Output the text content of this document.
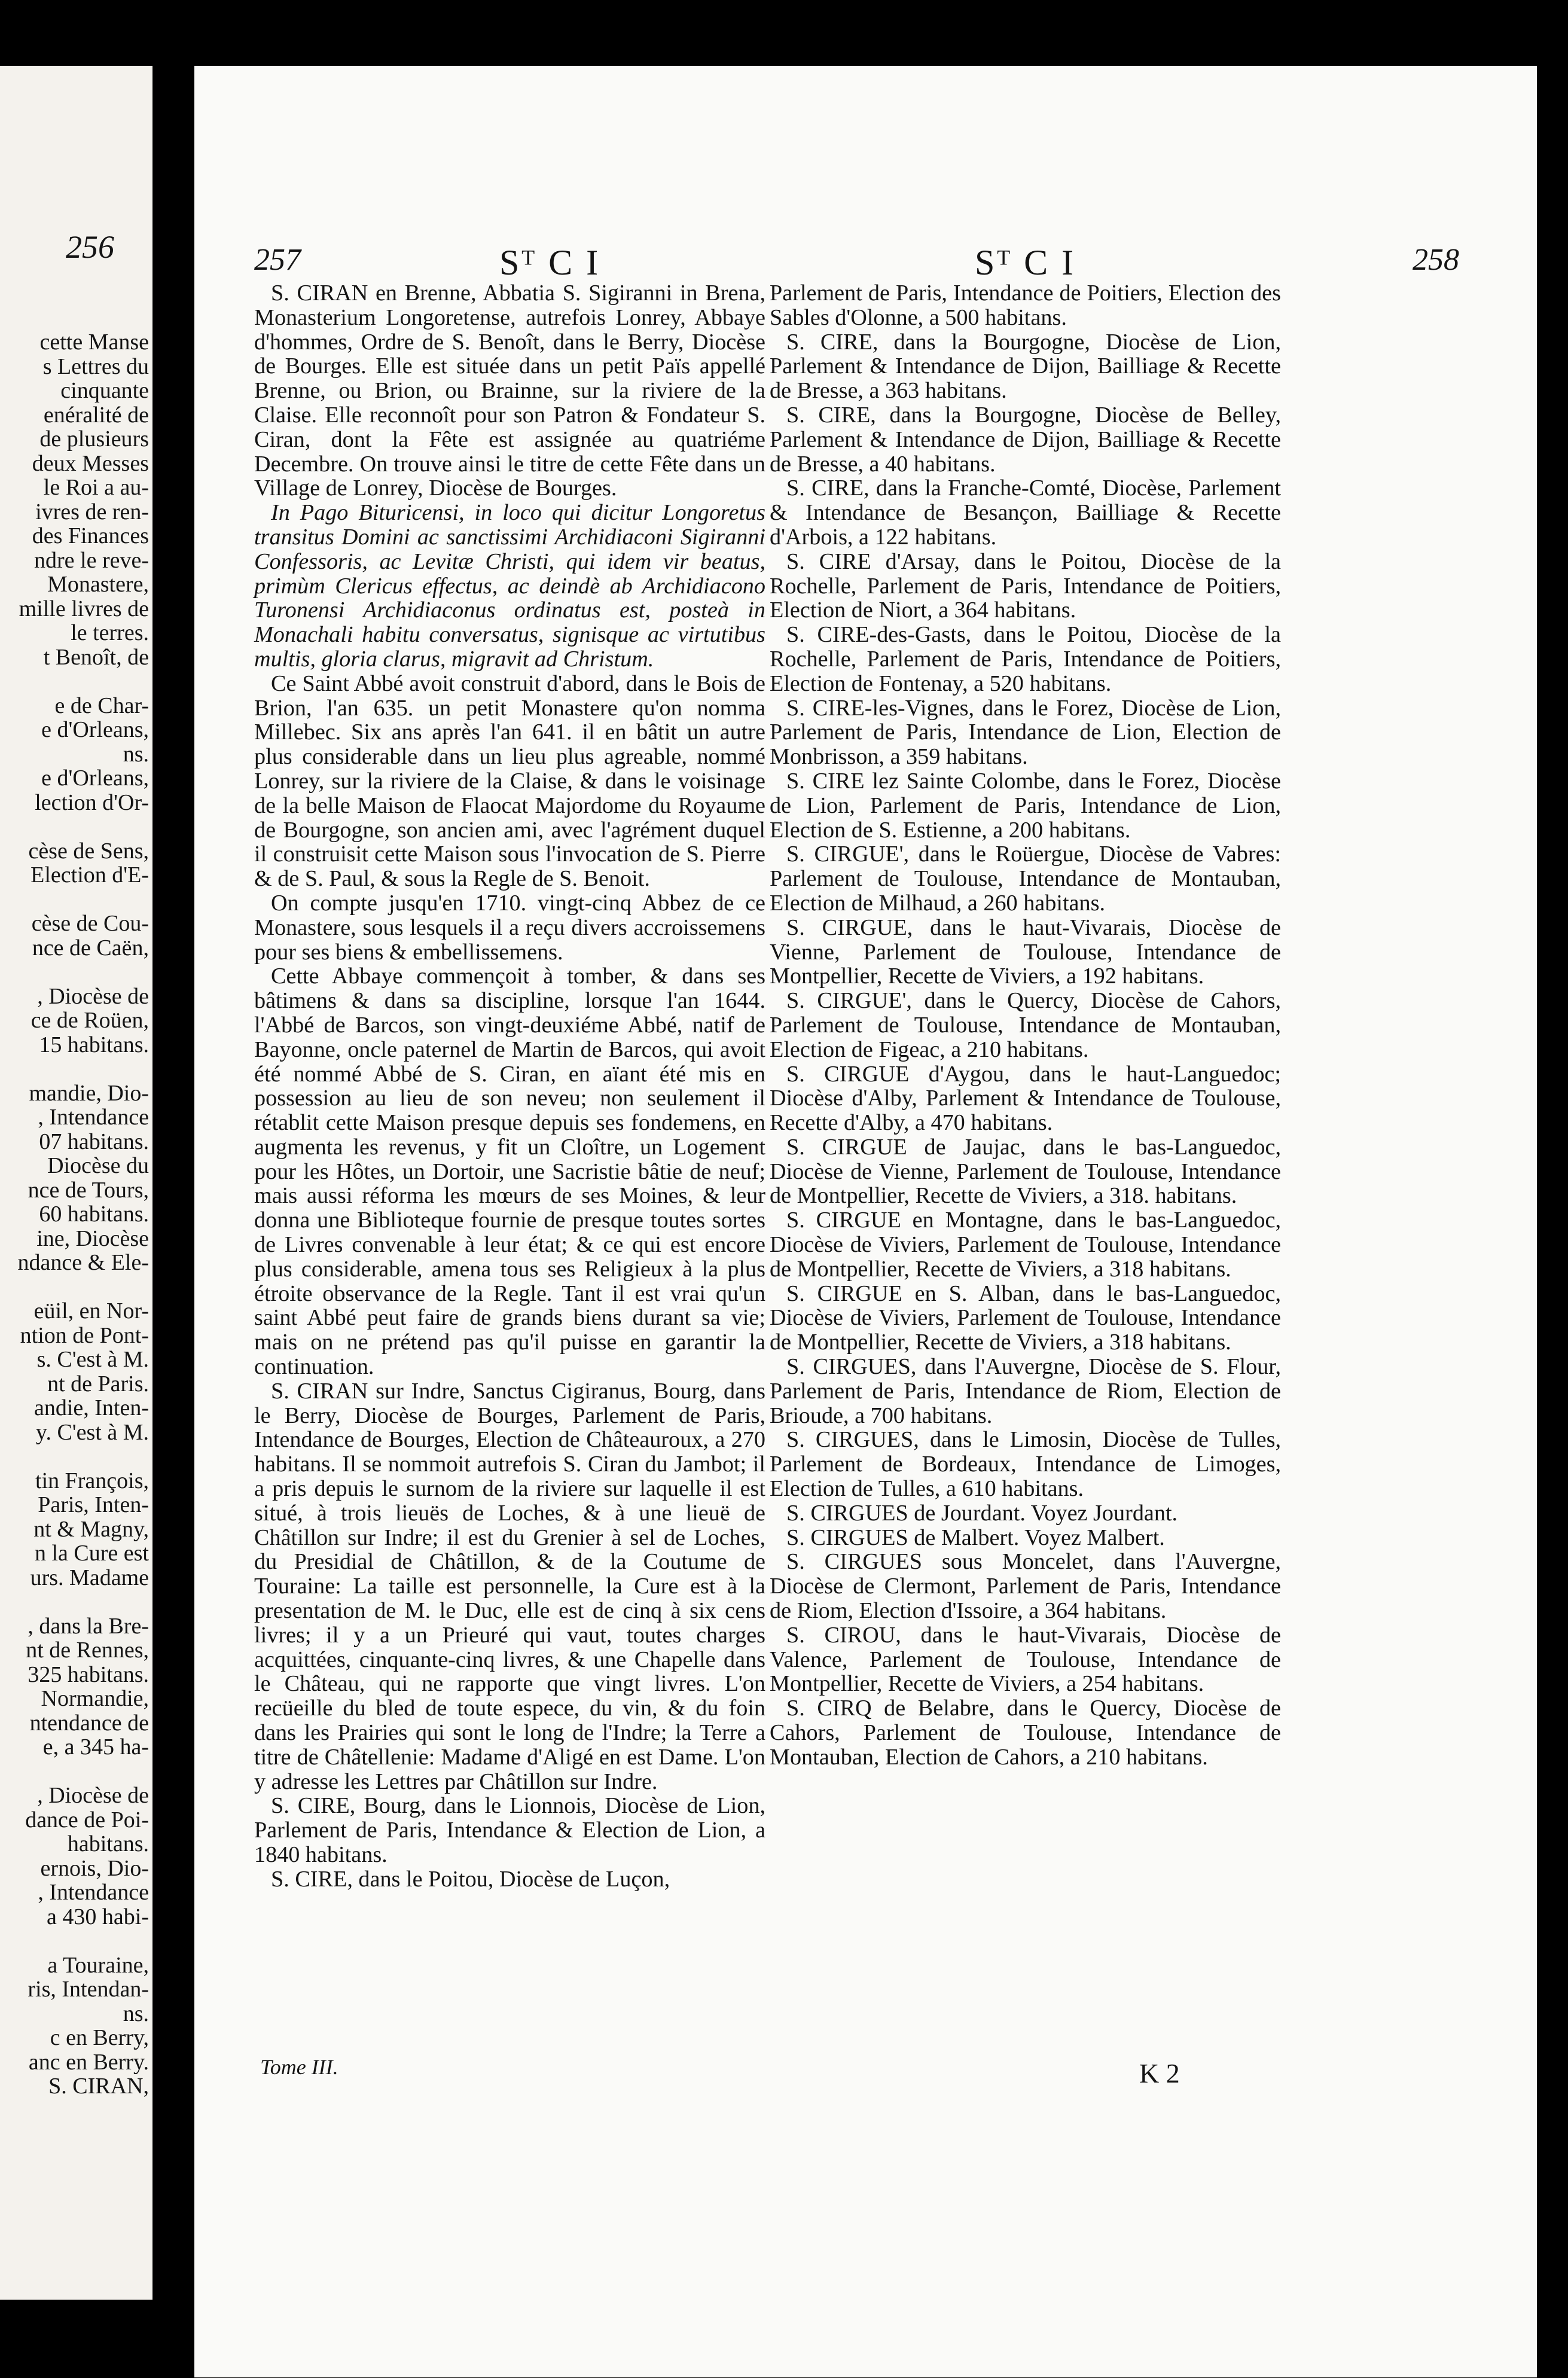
256
cette Manse
s Lettres du
cinquante
enéralité de
de plusieurs
deux Messes
le Roi a au-
ivres de ren-
des Finances
ndre le reve-
Monastere,
mille livres de
le terres.
t Benoît, de
e de Char-
e d'Orleans,
ns.
e d'Orleans,
lection d'Or-
cèse de Sens,
Election d'E-
cèse de Cou-
nce de Caën,
, Diocèse de
ce de Roüen,
15 habitans.
mandie, Dio-
, Intendance
07 habitans.
Diocèse du
nce de Tours,
60 habitans.
ine, Diocèse
ndance & Ele-
eüil, en Nor-
ntion de Pont-
s. C'est à M.
nt de Paris.
andie, Inten-
y. C'est à M.
tin François,
Paris, Inten-
nt & Magny,
n la Cure est
urs. Madame
, dans la Bre-
nt de Rennes,
325 habitans.
Normandie,
ntendance de
e, a 345 ha-
, Diocèse de
dance de Poi-
habitans.
ernois, Dio-
, Intendance
a 430 habi-
a Touraine,
ris, Intendan-
ns.
c en Berry,
anc en Berry.
S. CIRAN,
257	Sᵀ C I	Sᵀ C I	258

S. CIRAN en Brenne, Abbatia S. Sigiranni in Brena, Monasterium Longoretense, autrefois Lonrey, Abbaye d'hommes, Ordre de S. Benoît, dans le Berry, Diocèse de Bourges. Elle est située dans un petit Païs appellé Brenne, ou Brion, ou Brainne, sur la riviere de la Claise. Elle reconnoît pour son Patron & Fondateur S. Ciran, dont la Fête est assignée au quatriéme Decembre. On trouve ainsi le titre de cette Fête dans un Village de Lonrey, Diocèse de Bourges.

In Pago Bituricensi, in loco qui dicitur Longoretus transitus Domini ac sanctissimi Archidiaconi Sigiranni Confessoris, ac Levitæ Christi, qui idem vir beatus, primùm Clericus effectus, ac deindè ab Archidiacono Turonensi Archidiaconus ordinatus est, posteà in Monachali habitu conversatus, signisque ac virtutibus multis, gloria clarus, migravit ad Christum.

Ce Saint Abbé avoit construit d'abord, dans le Bois de Brion, l'an 635. un petit Monastere qu'on nomma Millebec. Six ans après l'an 641. il en bâtit un autre plus considerable dans un lieu plus agreable, nommé Lonrey, sur la riviere de la Claise, & dans le voisinage de la belle Maison de Flaocat Majordome du Royaume de Bourgogne, son ancien ami, avec l'agrément duquel il construisit cette Maison sous l'invocation de S. Pierre & de S. Paul, & sous la Regle de S. Benoit.

On compte jusqu'en 1710. vingt-cinq Abbez de ce Monastere, sous lesquels il a reçu divers accroissemens pour ses biens & embellissemens.

Cette Abbaye commençoit à tomber, & dans ses bâtimens & dans sa discipline, lorsque l'an 1644. l'Abbé de Barcos, son vingt-deuxiéme Abbé, natif de Bayonne, oncle paternel de Martin de Barcos, qui avoit été nommé Abbé de S. Ciran, en aïant été mis en possession au lieu de son neveu; non seulement il rétablit cette Maison presque depuis ses fondemens, en augmenta les revenus, y fit un Cloître, un Logement pour les Hôtes, un Dortoir, une Sacristie bâtie de neuf; mais aussi réforma les mœurs de ses Moines, & leur donna une Biblioteque fournie de presque toutes sortes de Livres convenable à leur état; & ce qui est encore plus considerable, amena tous ses Religieux à la plus étroite observance de la Regle. Tant il est vrai qu'un saint Abbé peut faire de grands biens durant sa vie; mais on ne prétend pas qu'il puisse en garantir la continuation.

S. CIRAN sur Indre, Sanctus Cigiranus, Bourg, dans le Berry, Diocèse de Bourges, Parlement de Paris, Intendance de Bourges, Election de Châteauroux, a 270 habitans. Il se nommoit autrefois S. Ciran du Jambot; il a pris depuis le surnom de la riviere sur laquelle il est situé, à trois lieuës de Loches, & à une lieuë de Châtillon sur Indre; il est du Grenier à sel de Loches, du Presidial de Châtillon, & de la Coutume de Touraine: La taille est personnelle, la Cure est à la presentation de M. le Duc, elle est de cinq à six cens livres; il y a un Prieuré qui vaut, toutes charges acquittées, cinquante-cinq livres, & une Chapelle dans le Château, qui ne rapporte que vingt livres. L'on recüeille du bled de toute espece, du vin, & du foin dans les Prairies qui sont le long de l'Indre; la Terre a titre de Châtellenie: Madame d'Aligé en est Dame. L'on y adresse les Lettres par Châtillon sur Indre.

S. CIRE, Bourg, dans le Lionnois, Diocèse de Lion, Parlement de Paris, Intendance & Election de Lion, a 1840 habitans.

S. CIRE, dans le Poitou, Diocèse de Luçon,

Parlement de Paris, Intendance de Poitiers, Election des Sables d'Olonne, a 500 habitans.

S. CIRE, dans la Bourgogne, Diocèse de Lion, Parlement & Intendance de Dijon, Bailliage & Recette de Bresse, a 363 habitans.

S. CIRE, dans la Bourgogne, Diocèse de Belley, Parlement & Intendance de Dijon, Bailliage & Recette de Bresse, a 40 habitans.

S. CIRE, dans la Franche-Comté, Diocèse, Parlement & Intendance de Besançon, Bailliage & Recette d'Arbois, a 122 habitans.

S. CIRE d'Arsay, dans le Poitou, Diocèse de la Rochelle, Parlement de Paris, Intendance de Poitiers, Election de Niort, a 364 habitans.

S. CIRE-des-Gasts, dans le Poitou, Diocèse de la Rochelle, Parlement de Paris, Intendance de Poitiers, Election de Fontenay, a 520 habitans.

S. CIRE-les-Vignes, dans le Forez, Diocèse de Lion, Parlement de Paris, Intendance de Lion, Election de Monbrisson, a 359 habitans.

S. CIRE lez Sainte Colombe, dans le Forez, Diocèse de Lion, Parlement de Paris, Intendance de Lion, Election de S. Estienne, a 200 habitans.

S. CIRGUE', dans le Roüergue, Diocèse de Vabres: Parlement de Toulouse, Intendance de Montauban, Election de Milhaud, a 260 habitans.

S. CIRGUE, dans le haut-Vivarais, Diocèse de Vienne, Parlement de Toulouse, Intendance de Montpellier, Recette de Viviers, a 192 habitans.

S. CIRGUE', dans le Quercy, Diocèse de Cahors, Parlement de Toulouse, Intendance de Montauban, Election de Figeac, a 210 habitans.

S. CIRGUE d'Aygou, dans le haut-Languedoc; Diocèse d'Alby, Parlement & Intendance de Toulouse, Recette d'Alby, a 470 habitans.

S. CIRGUE de Jaujac, dans le bas-Languedoc, Diocèse de Vienne, Parlement de Toulouse, Intendance de Montpellier, Recette de Viviers, a 318. habitans.

S. CIRGUE en Montagne, dans le bas-Languedoc, Diocèse de Viviers, Parlement de Toulouse, Intendance de Montpellier, Recette de Viviers, a 318 habitans.

S. CIRGUE en S. Alban, dans le bas-Languedoc, Diocèse de Viviers, Parlement de Toulouse, Intendance de Montpellier, Recette de Viviers, a 318 habitans.

S. CIRGUES, dans l'Auvergne, Diocèse de S. Flour, Parlement de Paris, Intendance de Riom, Election de Brioude, a 700 habitans.

S. CIRGUES, dans le Limosin, Diocèse de Tulles, Parlement de Bordeaux, Intendance de Limoges, Election de Tulles, a 610 habitans.

S. CIRGUES de Jourdant. Voyez Jourdant.

S. CIRGUES de Malbert. Voyez Malbert.

S. CIRGUES sous Moncelet, dans l'Auvergne, Diocèse de Clermont, Parlement de Paris, Intendance de Riom, Election d'Issoire, a 364 habitans.

S. CIROU, dans le haut-Vivarais, Diocèse de Valence, Parlement de Toulouse, Intendance de Montpellier, Recette de Viviers, a 254 habitans.

S. CIRQ de Belabre, dans le Quercy, Diocèse de Cahors, Parlement de Toulouse, Intendance de Montauban, Election de Cahors, a 210 habitans.

Tome III.	K 2
